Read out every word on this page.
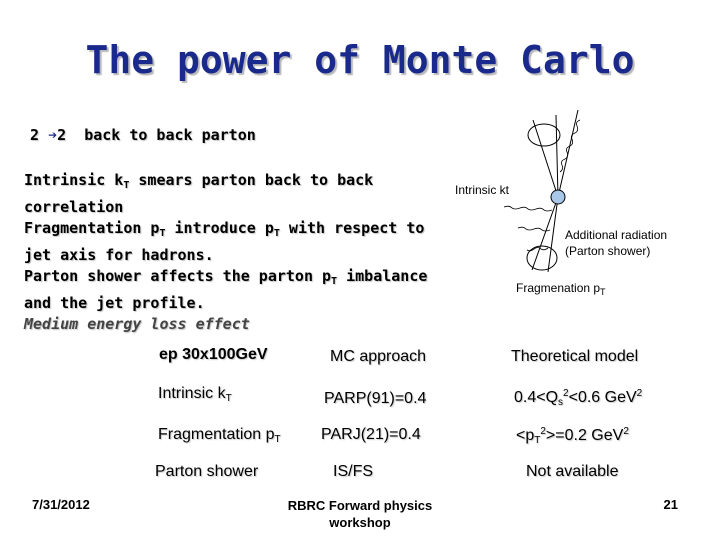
The power of Monte Carlo
2 ➔2 back to back parton
Intrinsic $k_T$ smears parton back to back
correlation
Fragmentation $p_T$ introduce $p_T$ with respect to
jet axis for hadrons.
Parton shower affects the parton $p_T$ imbalance
and the jet profile.
Medium energy loss effect
Intrinsic kt
Additional radiation
(Parton shower)
Fragmenation $p_T$
ep 30x100GeV	MC approach	Theoretical model
Intrinsic $k_T$	PARP(91)=0.4	$0.4<Q_s^2<0.6$ GeV$^2$
Fragmentation $p_T$	PARJ(21)=0.4	$<p_T^2>=0.2$ GeV$^2$
Parton shower	IS/FS	Not available
7/31/2012	RBRC Forward physics
workshop
21
